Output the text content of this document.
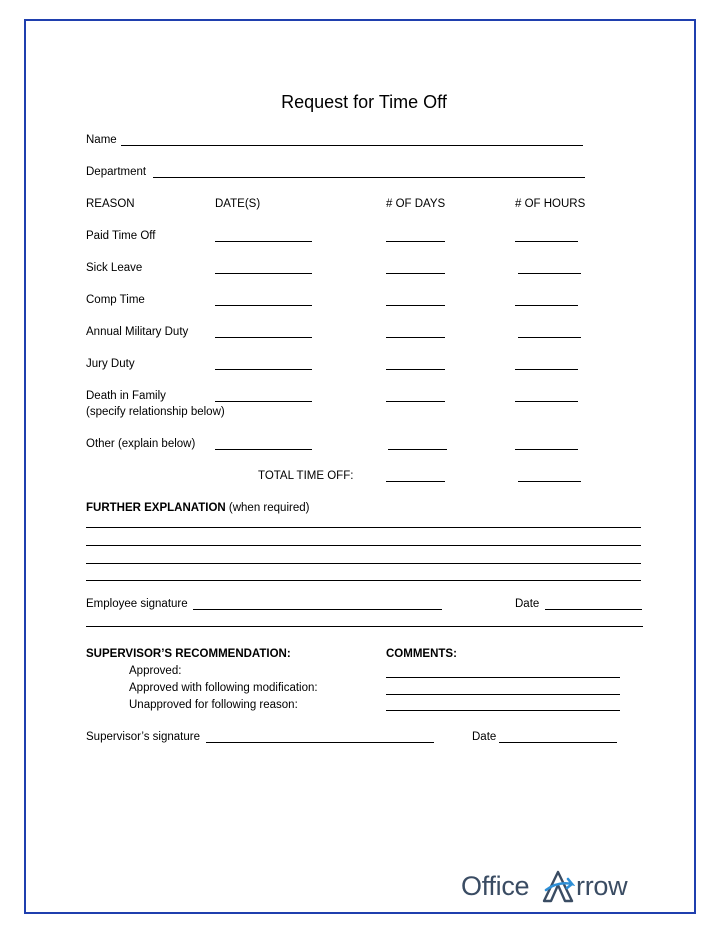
Request for Time Off
Name
Department
REASON	DATE(S)	# OF DAYS	# OF HOURS
Paid Time Off
Sick Leave
Comp Time
Annual Military Duty
Jury Duty
Death in Family
(specify relationship below)
Other (explain below)
TOTAL TIME OFF:
FURTHER EXPLANATION (when required)
Employee signature	Date
SUPERVISOR’S RECOMMENDATION:	COMMENTS:
Approved:
Approved with following modification:
Unapproved for following reason:
Supervisor’s signature	Date
Office rrow
